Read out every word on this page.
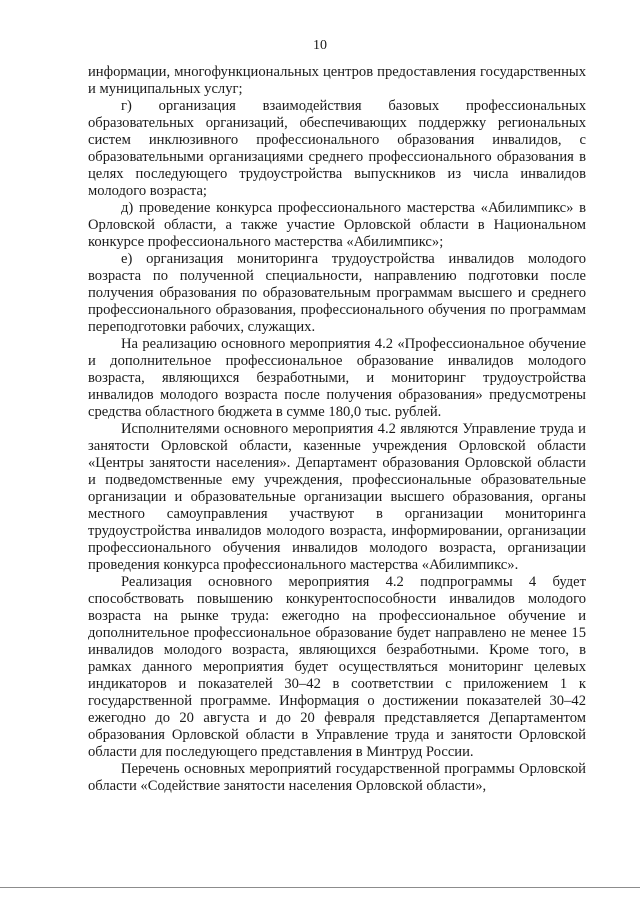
10

информации, многофункциональных центров предоставления государственных и муниципальных услуг;

г) организация взаимодействия базовых профессиональных образовательных организаций, обеспечивающих поддержку региональных систем инклюзивного профессионального образования инвалидов, с образовательными организациями среднего профессионального образования в целях последующего трудоустройства выпускников из числа инвалидов молодого возраста;

д) проведение конкурса профессионального мастерства «Абилимпикс» в Орловской области, а также участие Орловской области в Национальном конкурсе профессионального мастерства «Абилимпикс»;

е) организация мониторинга трудоустройства инвалидов молодого возраста по полученной специальности, направлению подготовки после получения образования по образовательным программам высшего и среднего профессионального образования, профессионального обучения по программам переподготовки рабочих, служащих.

На реализацию основного мероприятия 4.2 «Профессиональное обучение и дополнительное профессиональное образование инвалидов молодого возраста, являющихся безработными, и мониторинг трудоустройства инвалидов молодого возраста после получения образования» предусмотрены средства областного бюджета в сумме 180,0 тыс. рублей.

Исполнителями основного мероприятия 4.2 являются Управление труда и занятости Орловской области, казенные учреждения Орловской области «Центры занятости населения». Департамент образования Орловской области и подведомственные ему учреждения, профессиональные образовательные организации и образовательные организации высшего образования, органы местного самоуправления участвуют в организации мониторинга трудоустройства инвалидов молодого возраста, информировании, организации профессионального обучения инвалидов молодого возраста, организации проведения конкурса профессионального мастерства «Абилимпикс».

Реализация основного мероприятия 4.2 подпрограммы 4 будет способствовать повышению конкурентоспособности инвалидов молодого возраста на рынке труда: ежегодно на профессиональное обучение и дополнительное профессиональное образование будет направлено не менее 15 инвалидов молодого возраста, являющихся безработными. Кроме того, в рамках данного мероприятия будет осуществляться мониторинг целевых индикаторов и показателей 30–42 в соответствии с приложением 1 к государственной программе. Информация о достижении показателей 30–42 ежегодно до 20 августа и до 20 февраля представляется Департаментом образования Орловской области в Управление труда и занятости Орловской области для последующего представления в Минтруд России.

Перечень основных мероприятий государственной программы Орловской области «Содействие занятости населения Орловской области»,
